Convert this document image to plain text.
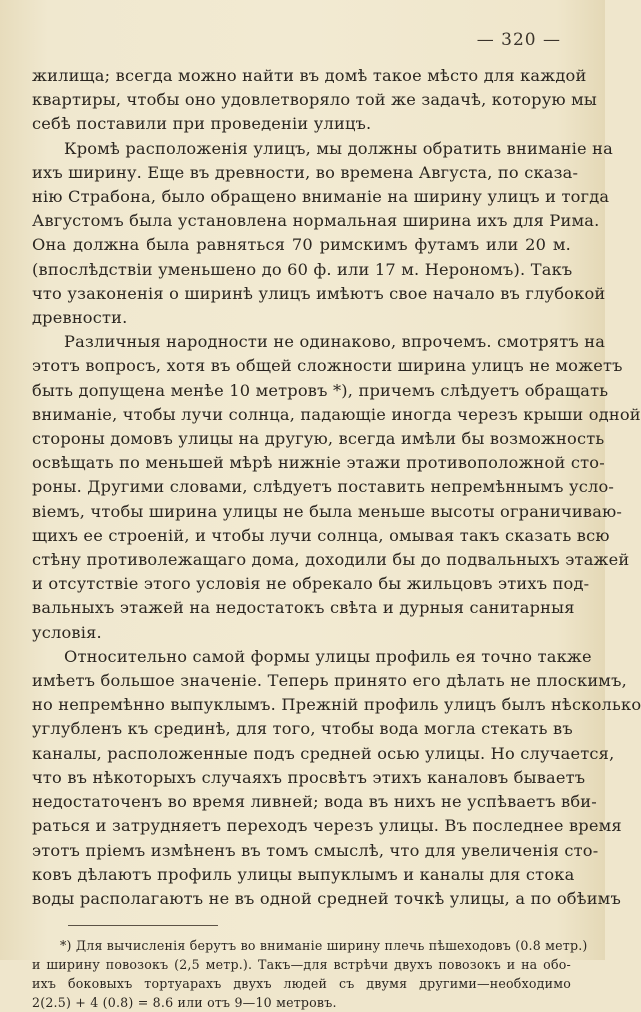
— 320 —

жилища; всегда можно найти въ домѣ такое мѣсто для каждой
квартиры, чтобы оно удовлетворяло той же задачѣ, которую мы
себѣ поставили при проведеніи улицъ.

Кромѣ расположенія улицъ, мы должны обратить вниманіе на
ихъ ширину. Еще въ древности, во времена Августа, по сказа-
нію Страбона, было обращено вниманіе на ширину улицъ и тогда
Августомъ была установлена нормальная ширина ихъ для Рима.
Она должна была равняться 70 римскимъ футамъ или 20 м.
(впослѣдствіи уменьшено до 60 ф. или 17 м. Нерономъ). Такъ
что узаконенія о ширинѣ улицъ имѣютъ свое начало въ глубокой
древности.

Различныя народности не одинаково, впрочемъ. смотрятъ на
этотъ вопросъ, хотя въ общей сложности ширина улицъ не можетъ
быть допущена менѣе 10 метровъ *), причемъ слѣдуетъ обращать
вниманіе, чтобы лучи солнца, падающіе иногда черезъ крыши одной
стороны домовъ улицы на другую, всегда имѣли бы возможность
освѣщать по меньшей мѣрѣ нижніе этажи противоположной сто-
роны. Другими словами, слѣдуетъ поставить непремѣннымъ усло-
віемъ, чтобы ширина улицы не была меньше высоты ограничиваю-
щихъ ее строеній, и чтобы лучи солнца, омывая такъ сказать всю
стѣну противолежащаго дома, доходили бы до подвальныхъ этажей
и отсутствіе этого условія не обрекало бы жильцовъ этихъ под-
вальныхъ этажей на недостатокъ свѣта и дурныя санитарныя
условія.

Относительно самой формы улицы профиль ея точно также
имѣетъ большое значеніе. Теперь принято его дѣлать не плоскимъ,
но непремѣнно выпуклымъ. Прежній профиль улицъ былъ нѣсколько
углубленъ къ срединѣ, для того, чтобы вода могла стекать въ
каналы, расположенные подъ средней осью улицы. Но случается,
что въ нѣкоторыхъ случаяхъ просвѣтъ этихъ каналовъ бываетъ
недостаточенъ во время ливней; вода въ нихъ не успѣваетъ вби-
раться и затрудняетъ переходъ черезъ улицы. Въ последнее время
этотъ пріемъ измѣненъ въ томъ смыслѣ, что для увеличенія сто-
ковъ дѣлаютъ профиль улицы выпуклымъ и каналы для стока
воды располагаютъ не въ одной средней точкѣ улицы, а по обѣимъ

*) Для вычисленія берутъ во вниманіе ширину плечь пѣшеходовъ (0.8 метр.)
и ширину повозокъ (2,5 метр.). Такъ—для встрѣчи двухъ повозокъ и на обо-
ихъ боковыхъ тортуарахъ двухъ людей съ двумя другими—необходимо
2(2.5) + 4 (0.8) = 8.6 или отъ 9—10 метровъ.
